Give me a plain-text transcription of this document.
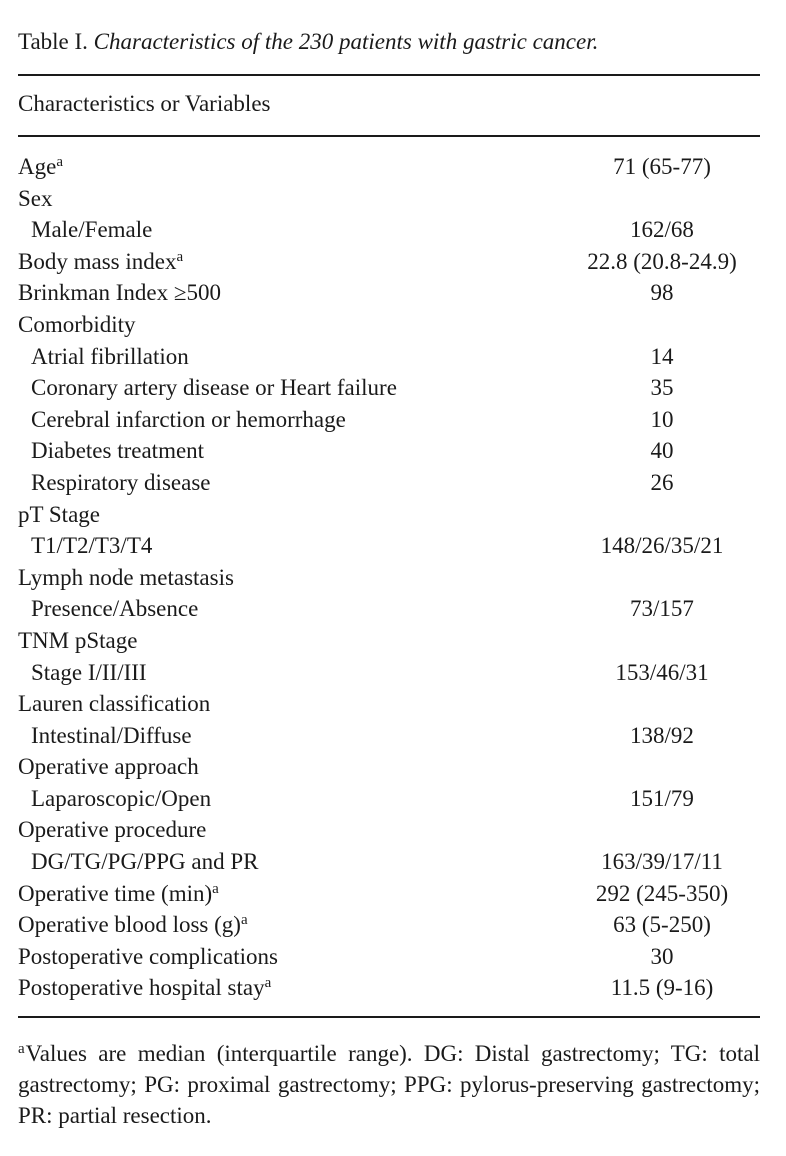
Table I. Characteristics of the 230 patients with gastric cancer.
Characteristics or Variables
Age$^a$	71 (65-77)
Sex
Male/Female	162/68
Body mass index$^a$	22.8 (20.8-24.9)
Brinkman Index ≥500	98
Comorbidity
Atrial fibrillation	14
Coronary artery disease or Heart failure	35
Cerebral infarction or hemorrhage	10
Diabetes treatment	40
Respiratory disease	26
pT Stage
T1/T2/T3/T4	148/26/35/21
Lymph node metastasis
Presence/Absence	73/157
TNM pStage
Stage I/II/III	153/46/31
Lauren classification
Intestinal/Diffuse	138/92
Operative approach
Laparoscopic/Open	151/79
Operative procedure
DG/TG/PG/PPG and PR	163/39/17/11
Operative time (min)$^a$	292 (245-350)
Operative blood loss (g)$^a$	63 (5-250)
Postoperative complications	30
Postoperative hospital stay$^a$	11.5 (9-16)
$^a$Values are median (interquartile range). DG: Distal gastrectomy; TG: total gastrectomy; PG: proximal gastrectomy; PPG: pylorus-preserving gastrectomy; PR: partial resection.
